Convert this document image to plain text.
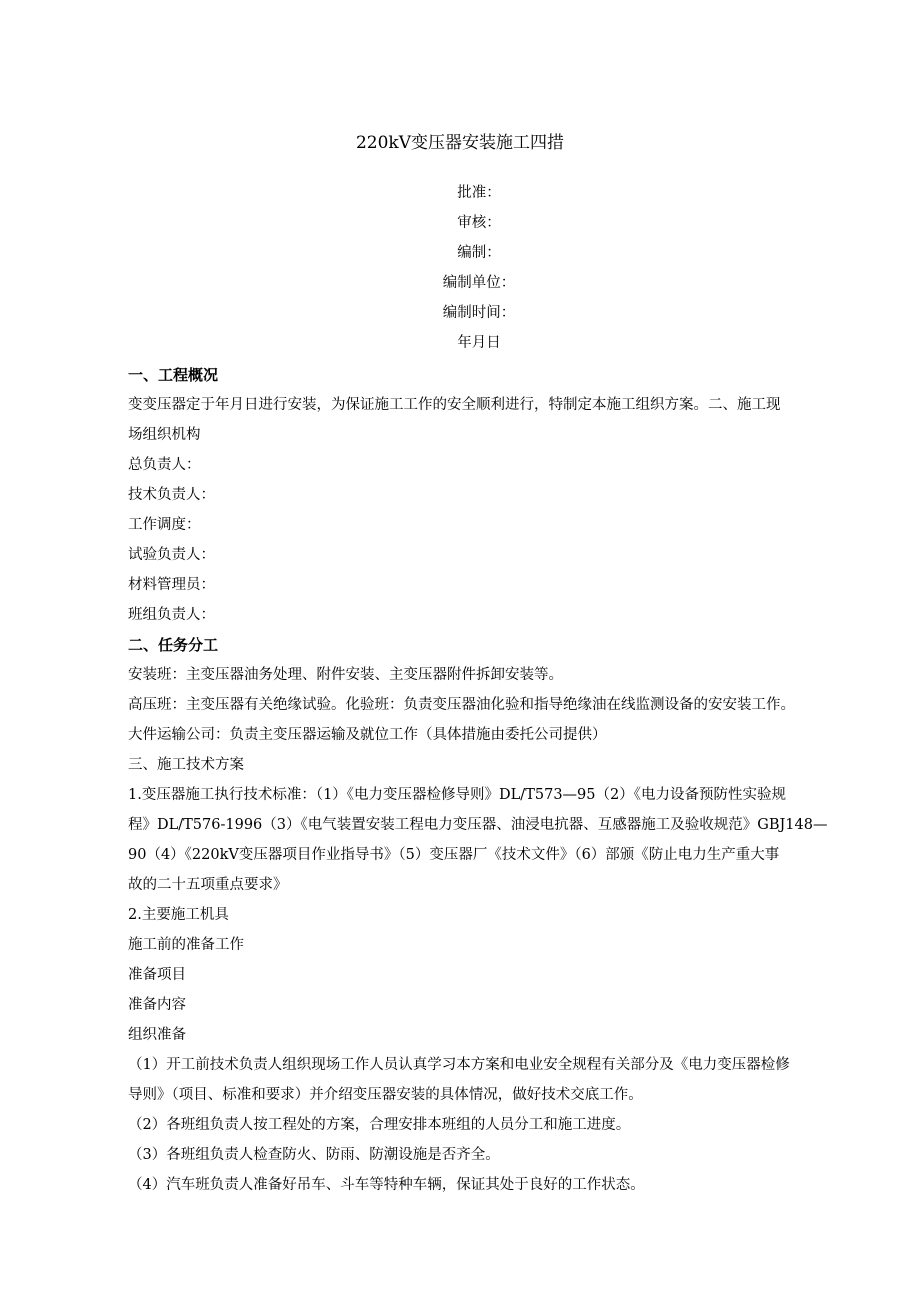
220kV变压器安装施工四措
批准：
审核：
编制：
编制单位：
编制时间：
年月日
一、工程概况
变变压器定于年月日进行安装，为保证施工工作的安全顺利进行，特制定本施工组织方案。二、施工现
场组织机构
总负责人：
技术负责人：
工作调度：
试验负责人：
材料管理员：
班组负责人：
二、任务分工
安装班：主变压器油务处理、附件安装、主变压器附件拆卸安装等。
高压班：主变压器有关绝缘试验。化验班：负责变压器油化验和指导绝缘油在线监测设备的安安装工作。
大件运输公司：负责主变压器运输及就位工作（具体措施由委托公司提供）
三、施工技术方案
1.变压器施工执行技术标准：（1）《电力变压器检修导则》DL/T573—95（2）《电力设备预防性实验规
程》DL/T576-1996（3）《电气装置安装工程电力变压器、油浸电抗器、互感器施工及验收规范》GBJ148—
90（4）《220kV变压器项目作业指导书》（5）变压器厂《技术文件》（6）部颁《防止电力生产重大事
故的二十五项重点要求》
2.主要施工机具
施工前的准备工作
准备项目
准备内容
组织准备
（1）开工前技术负责人组织现场工作人员认真学习本方案和电业安全规程有关部分及《电力变压器检修
导则》（项目、标准和要求）并介绍变压器安装的具体情况，做好技术交底工作。
（2）各班组负责人按工程处的方案，合理安排本班组的人员分工和施工进度。
（3）各班组负责人检查防火、防雨、防潮设施是否齐全。
（4）汽车班负责人准备好吊车、斗车等特种车辆，保证其处于良好的工作状态。
